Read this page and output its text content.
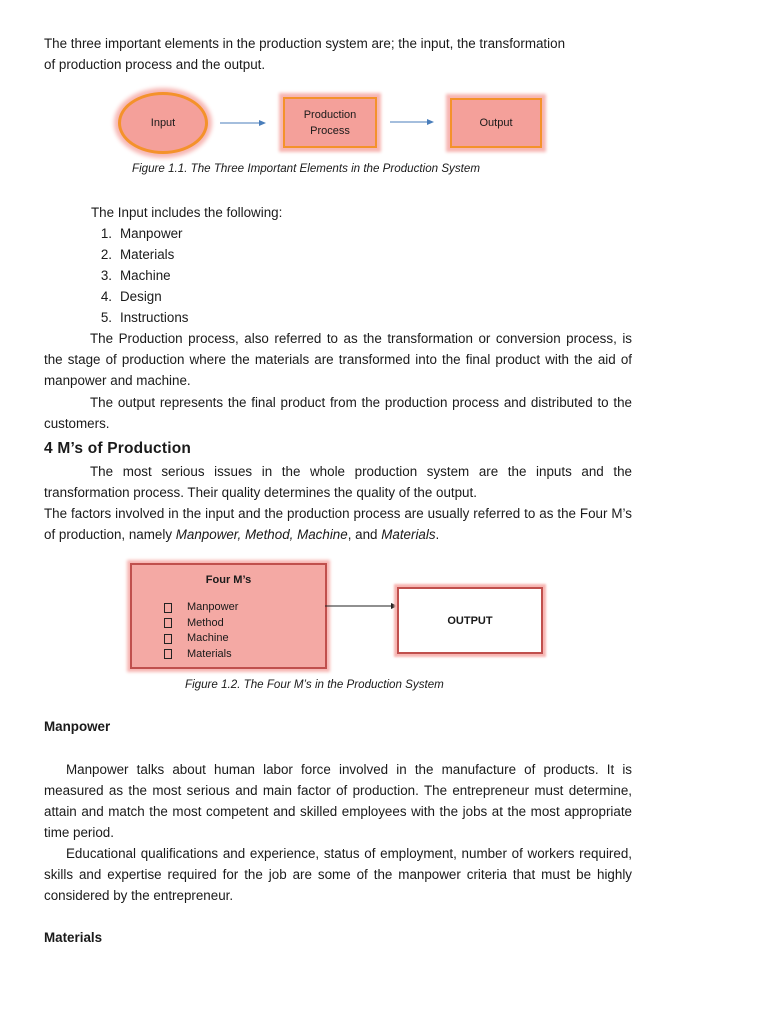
The three important elements in the production system are; the input, the transformation
of production process and the output.

Input
Production Process
Output

Figure 1.1. The Three Important Elements in the Production System

The Input includes the following:

1. Manpower
2. Materials
3. Machine
4. Design
5. Instructions

The Production process, also referred to as the transformation or conversion process, is the stage of production where the materials are transformed into the final product with the aid of manpower and machine.

The output represents the final product from the production process and distributed to the customers.

4 M’s of Production

The most serious issues in the whole production system are the inputs and the transformation process. Their quality determines the quality of the output.

The factors involved in the input and the production process are usually referred to as the Four M’s of production, namely Manpower, Method, Machine, and Materials.

Four M’s
Manpower
Method
Machine
Materials
OUTPUT

Figure 1.2. The Four M’s in the Production System

Manpower

Manpower talks about human labor force involved in the manufacture of products. It is measured as the most serious and main factor of production. The entrepreneur must determine, attain and match the most competent and skilled employees with the jobs at the most appropriate time period.

Educational qualifications and experience, status of employment, number of workers required, skills and expertise required for the job are some of the manpower criteria that must be highly considered by the entrepreneur.

Materials
